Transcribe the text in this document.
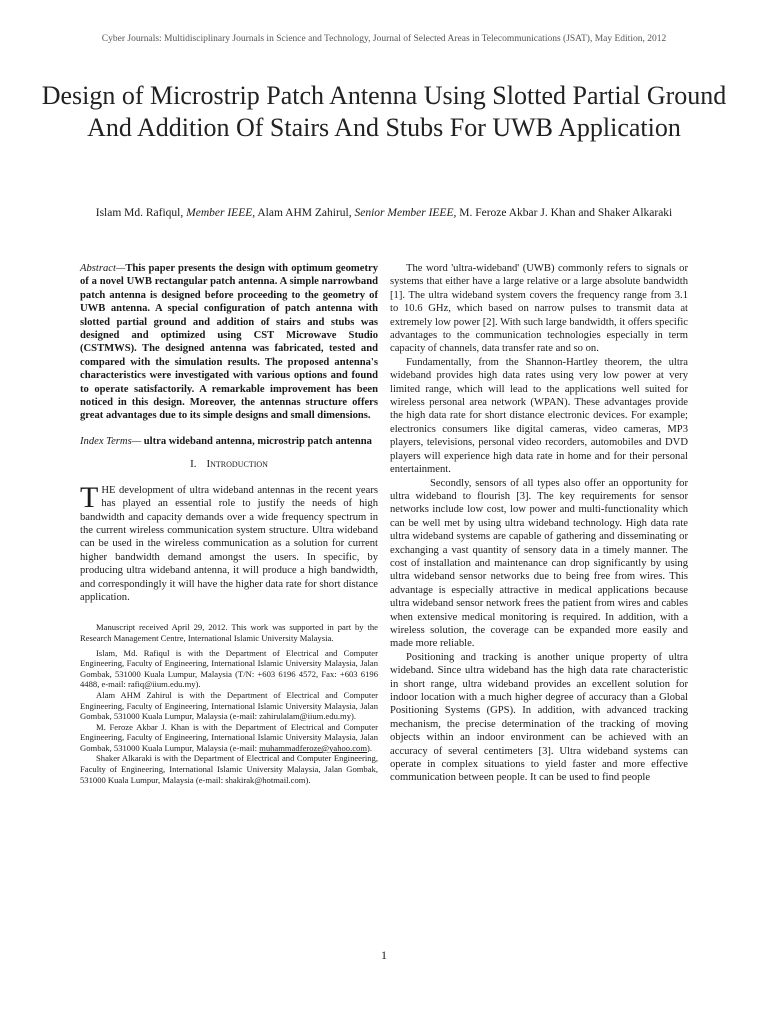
Cyber Journals: Multidisciplinary Journals in Science and Technology, Journal of Selected Areas in Telecommunications (JSAT), May Edition, 2012
Design of Microstrip Patch Antenna Using Slotted Partial Ground And Addition Of Stairs And Stubs For UWB Application
Islam Md. Rafiqul, Member IEEE, Alam AHM Zahirul, Senior Member IEEE, M. Feroze Akbar J. Khan and Shaker Alkaraki

Abstract—This paper presents the design with optimum geometry of a novel UWB rectangular patch antenna. A simple narrowband patch antenna is designed before proceeding to the geometry of UWB antenna. A special configuration of patch antenna with slotted partial ground and addition of stairs and stubs was designed and optimized using CST Microwave Studio (CSTMWS). The designed antenna was fabricated, tested and compared with the simulation results. The proposed antenna's characteristics were investigated with various options and found to operate satisfactorily. A remarkable improvement has been noticed in this design. Moreover, the antennas structure offers great advantages due to its simple designs and small dimensions.

Index Terms— ultra wideband antenna, microstrip patch antenna

I. Introduction

THE development of ultra wideband antennas in the recent years has played an essential role to justify the needs of high bandwidth and capacity demands over a wide frequency spectrum in the current wireless communication system structure. Ultra wideband can be used in the wireless communication as a solution for current higher bandwidth demand amongst the users. In specific, by producing ultra wideband antenna, it will produce a high bandwidth, and correspondingly it will have the higher data rate for short distance application.

Manuscript received April 29, 2012. This work was supported in part by the Research Management Centre, International Islamic University Malaysia.

Islam, Md. Rafiqul is with the Department of Electrical and Computer Engineering, Faculty of Engineering, International Islamic University Malaysia, Jalan Gombak, 531000 Kuala Lumpur, Malaysia (T/N: +603 6196 4572, Fax: +603 6196 4488, e-mail: rafiq@iium.edu.my).

Alam AHM Zahirul is with the Department of Electrical and Computer Engineering, Faculty of Engineering, International Islamic University Malaysia, Jalan Gombak, 531000 Kuala Lumpur, Malaysia (e-mail: zahirulalam@iium.edu.my).

M. Feroze Akbar J. Khan is with the Department of Electrical and Computer Engineering, Faculty of Engineering, International Islamic University Malaysia, Jalan Gombak, 531000 Kuala Lumpur, Malaysia (e-mail: muhammadferoze@yahoo.com).

Shaker Alkaraki is with the Department of Electrical and Computer Engineering, Faculty of Engineering, International Islamic University Malaysia, Jalan Gombak, 531000 Kuala Lumpur, Malaysia (e-mail: shakirak@hotmail.com).

The word 'ultra-wideband' (UWB) commonly refers to signals or systems that either have a large relative or a large absolute bandwidth [1]. The ultra wideband system covers the frequency range from 3.1 to 10.6 GHz, which based on narrow pulses to transmit data at extremely low power [2]. With such large bandwidth, it offers specific advantages to the communication technologies especially in term capacity of channels, data transfer rate and so on.

Fundamentally, from the Shannon-Hartley theorem, the ultra wideband provides high data rates using very low power at very limited range, which will lead to the applications well suited for wireless personal area network (WPAN). These advantages provide the high data rate for short distance electronic devices. For example; electronics consumers like digital cameras, video cameras, MP3 players, televisions, personal video recorders, automobiles and DVD players will experience high data rate in home and for their personal entertainment.

Secondly, sensors of all types also offer an opportunity for ultra wideband to flourish [3]. The key requirements for sensor networks include low cost, low power and multi-functionality which can be well met by using ultra wideband technology. High data rate ultra wideband systems are capable of gathering and disseminating or exchanging a vast quantity of sensory data in a timely manner. The cost of installation and maintenance can drop significantly by using ultra wideband sensor networks due to being free from wires. This advantage is especially attractive in medical applications because ultra wideband sensor network frees the patient from wires and cables when extensive medical monitoring is required. In addition, with a wireless solution, the coverage can be expanded more easily and made more reliable.

Positioning and tracking is another unique property of ultra wideband. Since ultra wideband has the high data rate characteristic in short range, ultra wideband provides an excellent solution for indoor location with a much higher degree of accuracy than a Global Positioning Systems (GPS). In addition, with advanced tracking mechanism, the precise determination of the tracking of moving objects within an indoor environment can be achieved with an accuracy of several centimeters [3]. Ultra wideband systems can operate in complex situations to yield faster and more effective communication between people. It can be used to find people

1
